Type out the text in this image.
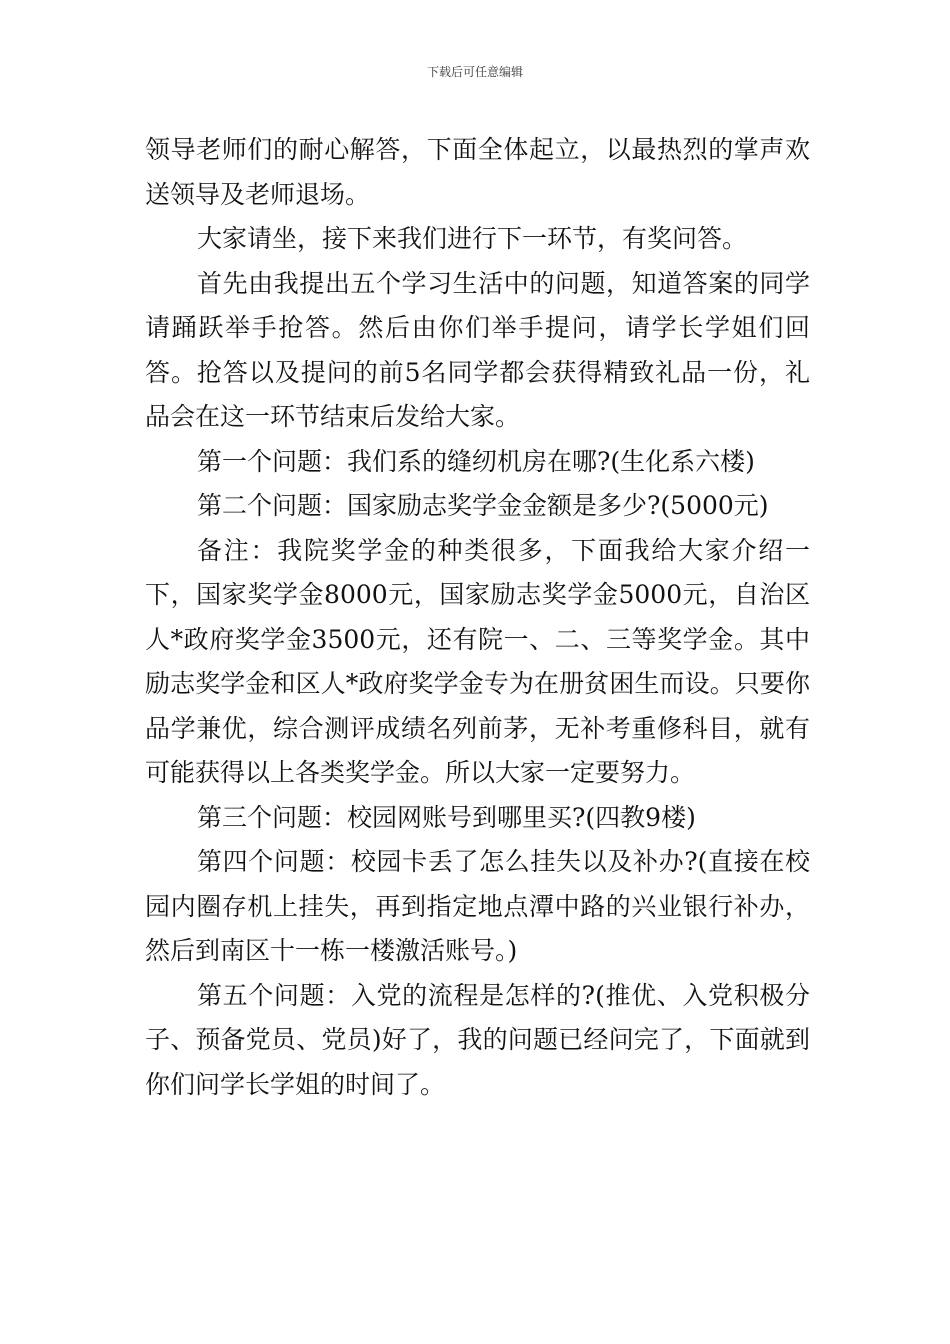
下载后可任意编辑

领导老师们的耐心解答，下面全体起立，以最热烈的掌声欢送领导及老师退场。

大家请坐，接下来我们进行下一环节，有奖问答。

首先由我提出五个学习生活中的问题，知道答案的同学请踊跃举手抢答。然后由你们举手提问，请学长学姐们回答。抢答以及提问的前5名同学都会获得精致礼品一份，礼品会在这一环节结束后发给大家。

第一个问题：我们系的缝纫机房在哪?(生化系六楼)

第二个问题：国家励志奖学金金额是多少?(5000元)

备注：我院奖学金的种类很多，下面我给大家介绍一下，国家奖学金8000元，国家励志奖学金5000元，自治区人*政府奖学金3500元，还有院一、二、三等奖学金。其中励志奖学金和区人*政府奖学金专为在册贫困生而设。只要你品学兼优，综合测评成绩名列前茅，无补考重修科目，就有可能获得以上各类奖学金。所以大家一定要努力。

第三个问题：校园网账号到哪里买?(四教9楼)

第四个问题：校园卡丢了怎么挂失以及补办?(直接在校园内圈存机上挂失，再到指定地点潭中路的兴业银行补办，然后到南区十一栋一楼激活账号。)

第五个问题：入党的流程是怎样的?(推优、入党积极分子、预备党员、党员)好了，我的问题已经问完了，下面就到你们问学长学姐的时间了。
